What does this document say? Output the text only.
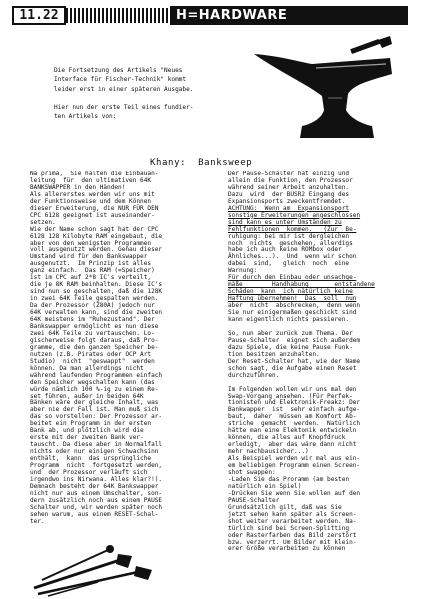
11.22	H=HARDWARE

Die Fortsetzung des Artikels "Neues
Interface für Fischer-Technik" kommt
leider erst in einer späteren Ausgabe.

Hier nun der erste Teil eines fundier-
ten Artikels von:

Khany:  Banksweep
Na prima,  Sie halten die Einbauan-
leitung  für  den ultimativen 64K
BANKSWAPPER in den Händen!
Als allererstes werden wir uns mit
der Funktionsweise und dem Können
dieser Erweiterung, die NUR FÜR DEN
CPC 6128 geeignet ist auseinander-
setzen.
Wie der Name schon sagt hat der CPC
6128 128 Kilobyte RAM eingebaut, die
aber von den wenigsten Programmen
voll ausgenutzt werden. Genau dieser
Umstand wird für den Bankswapper
ausgenutzt.  Im Prinzip ist alles
ganz einfach.  Das RAM (=Speicher)
ist im CPC auf 2*8 IC's verteilt,
die je 8K RAM beinhalten. Diese IC's
sind nun so geschalten, daß die 128K
in zwei 64K Teile gespalten werden.
Da der Prozessor (Z80A) jedoch nur
64K verwalten kann, sind die zweiten
64K meistens im "Ruhezustand". Der
Bankswapper ermöglicht es nun diese
zwei 64K Teile zu vertauschen. Lo-
gischerweise folgt daraus, daß Pro-
gramme, die den ganzen Speicher be-
nutzen (z.B. Pirates oder OCP Art
Studio)  nicht  "geswappt"  werden
können. Da man allerdings nicht
während laufenden Programmen einfach
den Speicher wegschalten kann (das
würde nämlich 100 %-ig zu einem Re-
set führen, außer in beiden 64K
Bänken wäre der gleiche Inhalt, was
aber nie der Fall ist. Man muß sich
das so vorstellen: Der Prozessor ar-
beitet ein Programm in der ersten
Bank ab, und plötzlich wird die
erste mit der zweiten Bank ver-
tauscht. Da diese aber in Normalfall
nichts oder nur einigen Schwachsinn
enthält,  kann  das ursprüngliche
Programm  nicht  fortgesetzt werden,
und  der Prozessor verläuft sich
irgendwo ins Nirwana. Alles klar?!).
Demnach besteht der 64K Bankswapper
nicht nur aus einem Umschalter, son-
dern zusätzlich noch aus einem PAUSE
Schalter und, wir werden später noch
sehen warum, aus einem RESET-Schal-
ter.
Der Pause-Schalter hat einzig und
allein die Funktion, den Prozessor
während seiner Arbeit anzuhalten.
Dazu  wird  der BUSR2 Eingang des
Expansionsports zweckentfremdet.
ACHTUNG:  Wenn am  Expansionsport
sonstige Erweiterungen angeschlossen
sind kann es unter Umständen zu
Fehlfunktionen  kommen.   (Zur  Be-
ruhigung: bei mir ist dergleichen
noch  nichts  geschehen, allerdigs
habe ich auch keine ROMbox oder
Ähnliches...).  Und  wenn wir schon
dabei  sind,   gleich  noch  eine
Warnung:
Für durch den Einbau oder unsachge-
mäße        Handhabung       entstandene
Schäden  kann  ich nätürlich keine
Haftung übernehmen!  Das  soll  nun
aber  nicht  abschrecken,  denn wenn
Sie nur einigermaßen geschickt sind
kann eigentlich nichts passieren.

So, nun aber zurück zum Thema. Der
Pause-Schalter  eignet sich außerdem
dazu Spiele, die keine Pause Funk-
tion besitzen anzuhalten.
Der Reset-Schalter hat, wie der Name
schon sagt, die Aufgabe einen Reset
durchzuführen.

Im Folgenden wollen wir uns mal den
Swap-Vorgang ansehen. (Für Perfek-
tionisten und Elektronik-Freakz: Der
Bankwapper  ist  sehr einfach aufge-
baut,  daher  müssen am Komfort Ab-
striche  gemacht  werden.  Natürlich
hätte man eine Elektonik entwickeln
können, die alles auf Knopfdruck
erledigt,  aber das wäre dann nicht
mehr nachbausicher...)
Als Beispiel werden wir mal aus ein-
em beliebigen Programm einen Screen-
shot swappen:
-Laden Sie das Proramm (am besten
natürlich ein Spiel)
-Drücken Sie wenn Sie wollen auf den
PAUSE-Schalter
Grundsätzlich gilt, daß was Sie
jetzt sehen kann später als Screen-
shot weiter verarbeitet werden. Na-
türlich sind bei Screen-Splitting
oder Rasterfarben das Bild zerstört
bzw. verzerrt. Um Bilder mit klein-
erer Größe verarbeiten zu können
